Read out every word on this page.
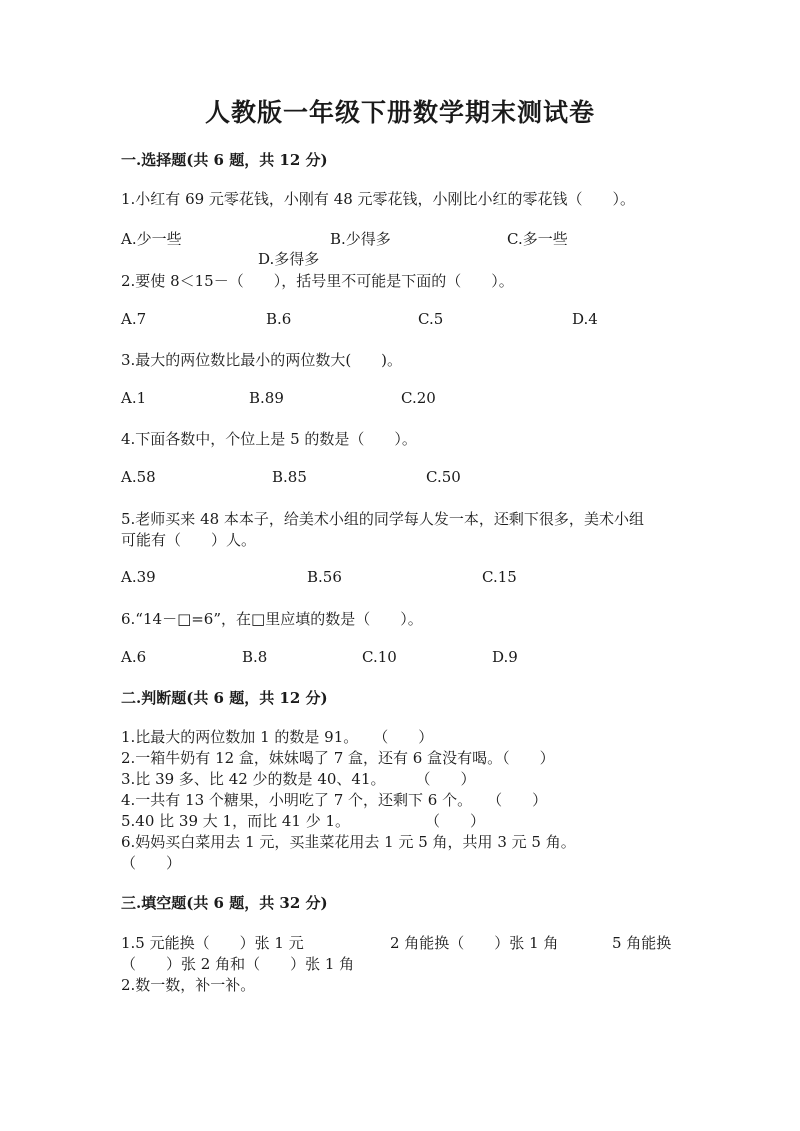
人教版一年级下册数学期末测试卷
一.选择题(共 6 题，共 12 分)
1.小红有 69 元零花钱，小刚有 48 元零花钱，小刚比小红的零花钱（　　）。
A.少一些	B.少得多	C.多一些
D.多得多
2.要使 8＜15－（　　），括号里不可能是下面的（　　）。
A.7	B.6	C.5	D.4
3.最大的两位数比最小的两位数大(　　)。
A.1	B.89	C.20
4.下面各数中，个位上是 5 的数是（　　）。
A.58	B.85	C.50
5.老师买来 48 本本子，给美术小组的同学每人发一本，还剩下很多，美术小组
可能有（　　）人。
A.39	B.56	C.15
6.“14－□=6”，在□里应填的数是（　　）。
A.6	B.8	C.10	D.9
二.判断题(共 6 题，共 12 分)
1.比最大的两位数加 1 的数是 91。　　（　　）
2.一箱牛奶有 12 盒，妹妹喝了 7 盒，还有 6 盒没有喝。（　　）
3.比 39 多、比 42 少的数是 40、41。　　　（　　）
4.一共有 13 个糖果，小明吃了 7 个，还剩下 6 个。　　（　　）
5.40 比 39 大 1，而比 41 少 1。　　　　　　（　　）
6.妈妈买白菜用去 1 元，买韭菜花用去 1 元 5 角，共用 3 元 5 角。
（　　）
三.填空题(共 6 题，共 32 分)
1.5 元能换（　　）张 1 元	2 角能换（　　）张 1 角	5 角能换
（　　）张 2 角和（　　）张 1 角
2.数一数，补一补。
